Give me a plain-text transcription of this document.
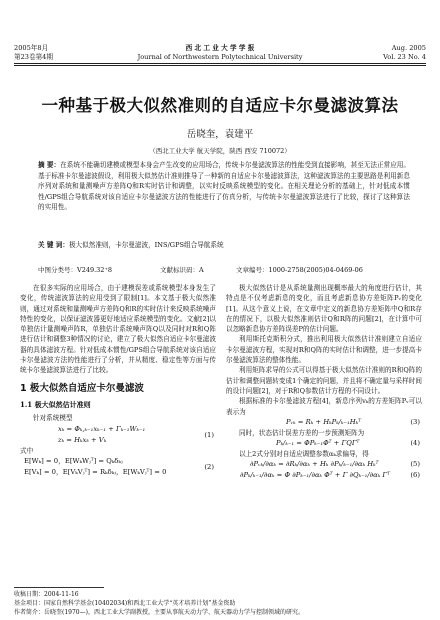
2005年8月
第23卷第4期
西 北 工 业 大 学 学 报
Journal of Northwestern Polytechnical University
Aug. 2005
Vol. 23 No. 4
一种基于极大似然准则的自适应卡尔曼滤波算法
岳晓奎，袁建平
（西北工业大学 航天学院，陕西 西安 710072）
摘 要：在系统不能确切建模或模型本身会产生改变的应用场合，传统卡尔曼滤波算法的性能受到直接影响，甚至无法正常应用。基于标准卡尔曼滤波假设，利用极大似然估计准则推导了一种新的自适应卡尔曼滤波算法，这种滤波算法的主要思路是利用新息序列对系统和量测噪声方差阵Q和R实时估计和调整，以实时反映系统模型的变化。在相关理论分析的基础上，针对低成本惯性/GPS组合导航系统对该自适应卡尔曼滤波方法的性能进行了仿真分析，与传统卡尔曼滤波算法进行了比较，探讨了这种算法的实用性。
关 键 词：极大似然准则，卡尔曼滤波，INS/GPS组合导航系统
中图分类号：V249.32⁺8	文献标识码：A	文章编号：1000-2758(2005)04-0469-06

在很多实际的应用场合，由于建模误差或系统模型本身发生了变化，传统滤波算法的应用受到了限制[1]。本文基于极大似然准则，通过对系统和量测噪声方差阵Q和R的实时估计来反映系统噪声特性的变化，以保证滤波器更好地适应系统模型的变化。文献[2]以单独估计量测噪声阵R，单独估计系统噪声阵Q以及同时对R和Q阵进行估计和调整3种情况的讨论，建立了极大似然自适应卡尔曼滤波器的具体滤波方程。针对低成本惯性/GPS组合导航系统对该自适应卡尔曼滤波方法的性能进行了分析，并从精度、稳定性等方面与传统卡尔曼滤波算法进行了比较。

1 极大似然自适应卡尔曼滤波
1.1 极大似然估计准则

针对系统模型

xₖ = Φₖ,ₖ₋₁xₖ₋₁ + Γₖ₋₁Wₖ₋₁
zₖ = Hₖxₖ + Vₖ
(1)

式中

E[Wₖ] = 0，E[WₖWⱼᵀ] = Qₖδₖⱼ
E[Vₖ] = 0，E[VₖVⱼᵀ] = Rₖδₖⱼ，E[WₖVⱼᵀ] = 0
(2)

极大似然估计是从系统量测出现概率最大的角度进行估计，其特点是不仅考虑新息的变化，而且考虑新息协方差矩阵Pᵥ的变化[1]。从这个意义上说，在文章中定义的新息协方差矩阵中Q和R存在的情况下，以极大似然准则估计Q和R阵的问题[2]，在计算中可以忽略新息协方差阵误差P的估计问题。

利用斯托克斯积分式，推出利用极大似然估计准则建立自适应卡尔曼滤波方程，实现对R和Q阵的实时估计和调整，进一步提高卡尔曼滤波算法的整体性能。

利用矩阵求导的公式可以得基于极大似然估计准则的R和Q阵的估计和调整问题转变成1个确定的问题，并且将不确定量与采样时间的设计问题[2]，对于R和Q参数估计方程的不同设计。

根据标准的卡尔曼滤波方程[4]，新息序列vₖ的方差矩阵Pᵥ可以表示为

Pᵥₖ = Rₖ + HₖPₖ/ₖ₋₁Hₖᵀ	(3)

同时，状态估计误差方差的一步预测矩阵为

Pₖ/ₖ₋₁ = ΦPₖ₋₁Φᵀ + ΓQΓᵀ	(4)

以上2式分别对自适应调整参数αₖ求偏导，得

∂Pᵥₖ/∂αₖ = ∂Rₖ/∂αₖ + Hₖ ∂Pₖ/ₖ₋₁/∂αₖ Hₖᵀ	(5)
∂Pₖ/ₖ₋₁/∂αₖ = Φ ∂Pₖ₋₁/∂αₖ Φᵀ + Γ ∂Qₖ₋₁/∂αₖ Γᵀ	(6)
收稿日期：2004-11-16
基金项目：国家自然科学基金(10402034)和西北工业大学“英才培养计划”基金资助
作者简介：岳晓奎(1970—)，西北工业大学副教授，主要从事航天动力学、航天器动力学与控制领域的研究。
